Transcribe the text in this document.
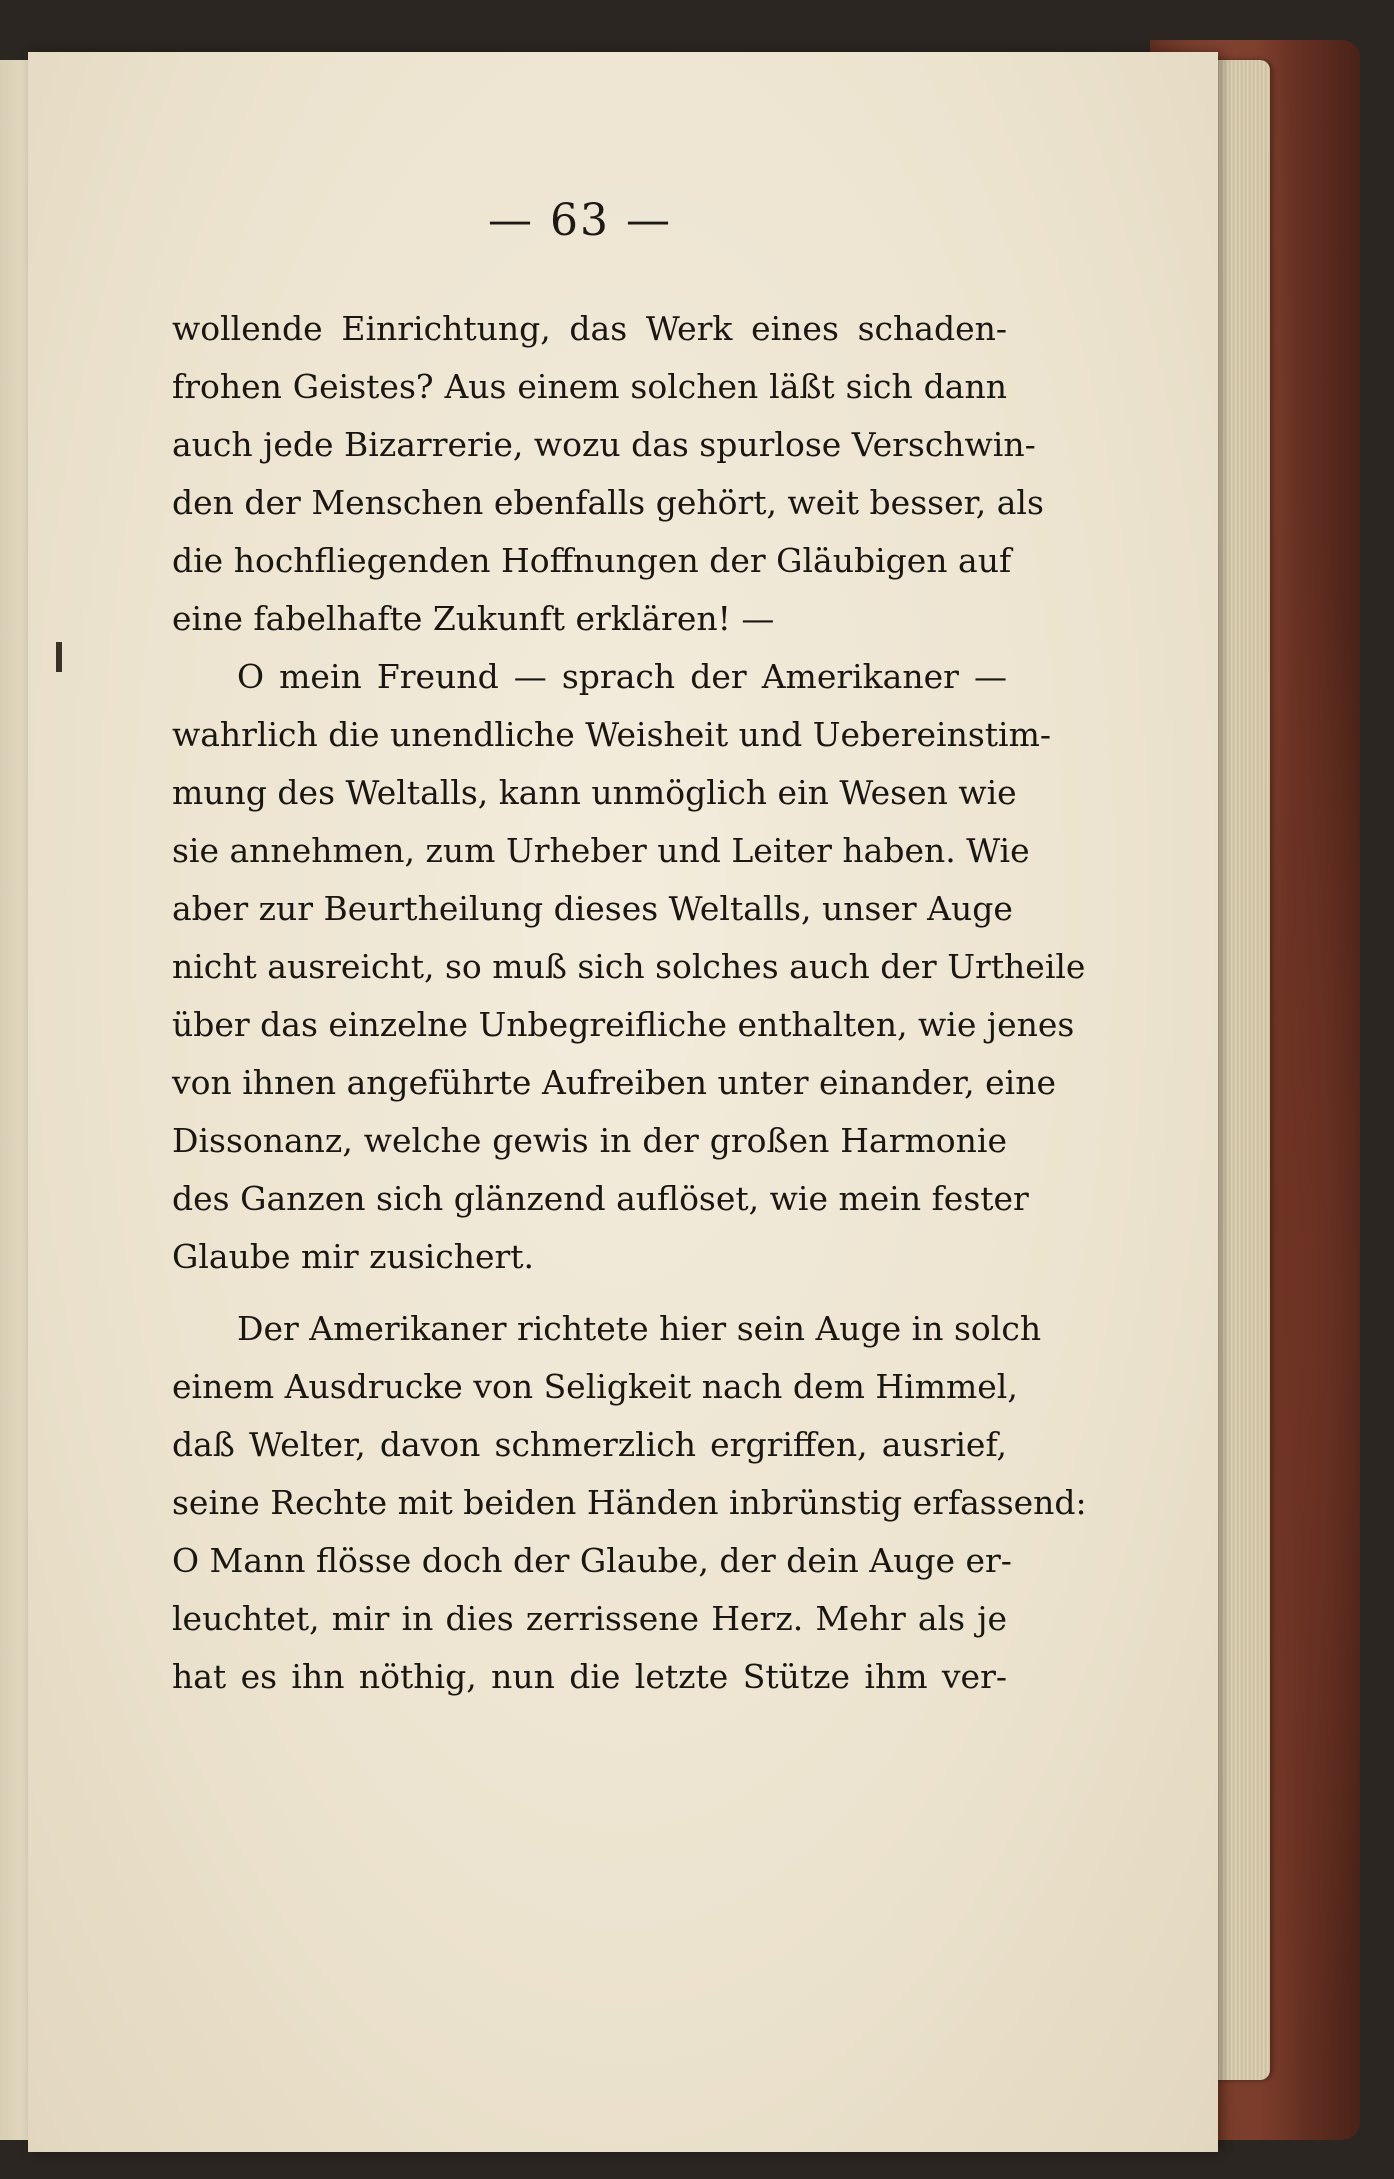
— 63 —
wollende Einrichtung, das Werk eines schaden-
frohen Geistes? Aus einem solchen läßt sich dann
auch jede Bizarrerie, wozu das spurlose Verschwin-
den der Menschen ebenfalls gehört, weit besser, als
die hochfliegenden Hoffnungen der Gläubigen auf
eine fabelhafte Zukunft erklären! —
O mein Freund — sprach der Amerikaner —
wahrlich die unendliche Weisheit und Uebereinstim-
mung des Weltalls, kann unmöglich ein Wesen wie
sie annehmen, zum Urheber und Leiter haben. Wie
aber zur Beurtheilung dieses Weltalls, unser Auge
nicht ausreicht, so muß sich solches auch der Urtheile
über das einzelne Unbegreifliche enthalten, wie jenes
von ihnen angeführte Aufreiben unter einander, eine
Dissonanz, welche gewis in der großen Harmonie
des Ganzen sich glänzend auflöset, wie mein fester
Glaube mir zusichert.
Der Amerikaner richtete hier sein Auge in solch
einem Ausdrucke von Seligkeit nach dem Himmel,
daß Welter, davon schmerzlich ergriffen, ausrief,
seine Rechte mit beiden Händen inbrünstig erfassend:
O Mann flösse doch der Glaube, der dein Auge er-
leuchtet, mir in dies zerrissene Herz. Mehr als je
hat es ihn nöthig, nun die letzte Stütze ihm ver-
